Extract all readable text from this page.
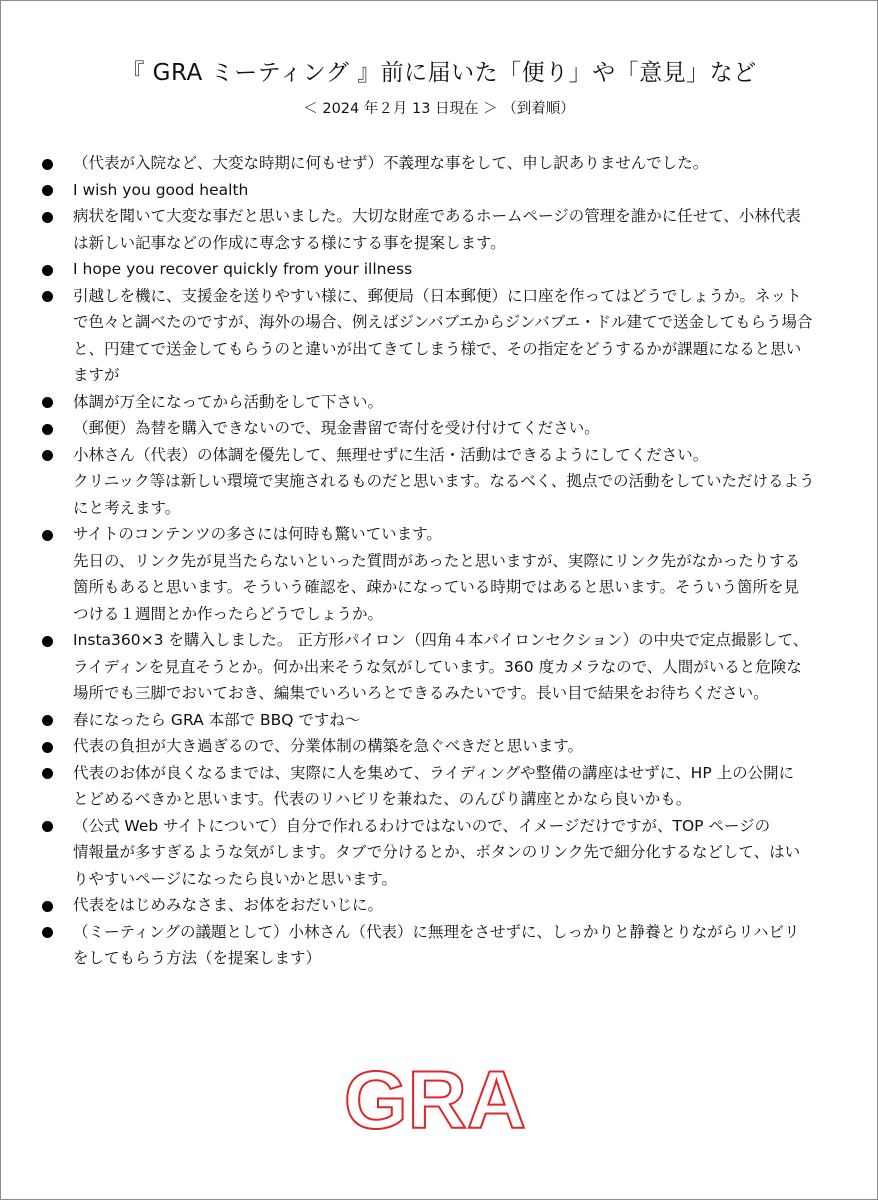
『 GRA ミーティング 』前に届いた「便り」や「意見」など

＜ 2024 年２月 13 日現在 ＞ （到着順）

（代表が入院など、大変な時期に何もせず）不義理な事をして、申し訳ありませんでした。
I wish you good health
病状を聞いて大変な事だと思いました。大切な財産であるホームページの管理を誰かに任せて、小林代表
は新しい記事などの作成に専念する様にする事を提案します。
I hope you recover quickly from your illness
引越しを機に、支援金を送りやすい様に、郵便局（日本郵便）に口座を作ってはどうでしょうか。ネット
で色々と調べたのですが、海外の場合、例えばジンバブエからジンバブエ・ドル建てで送金してもらう場合
と、円建てで送金してもらうのと違いが出てきてしまう様で、その指定をどうするかが課題になると思い
ますが
体調が万全になってから活動をして下さい。
（郵便）為替を購入できないので、現金書留で寄付を受け付けてください。
小林さん（代表）の体調を優先して、無理せずに生活・活動はできるようにしてください。
クリニック等は新しい環境で実施されるものだと思います。なるべく、拠点での活動をしていただけるよう
にと考えます。
サイトのコンテンツの多さには何時も驚いています。
先日の、リンク先が見当たらないといった質問があったと思いますが、実際にリンク先がなかったりする
箇所もあると思います。そういう確認を、疎かになっている時期ではあると思います。そういう箇所を見
つける１週間とか作ったらどうでしょうか。
Insta360×3 を購入しました。 正方形パイロン（四角４本パイロンセクション）の中央で定点撮影して、
ライディンを見直そうとか。何か出来そうな気がしています。360 度カメラなので、人間がいると危険な
場所でも三脚でおいておき、編集でいろいろとできるみたいです。長い目で結果をお待ちください。
春になったら GRA 本部で BBQ ですね～
代表の負担が大き過ぎるので、分業体制の構築を急ぐべきだと思います。
代表のお体が良くなるまでは、実際に人を集めて、ライディングや整備の講座はせずに、HP 上の公開に
とどめるべきかと思います。代表のリハビリを兼ねた、のんびり講座とかなら良いかも。
（公式 Web サイトについて）自分で作れるわけではないので、イメージだけですが、TOP ページの
情報量が多すぎるような気がします。タブで分けるとか、ボタンのリンク先で細分化するなどして、はい
りやすいページになったら良いかと思います。
代表をはじめみなさま、お体をおだいじに。
（ミーティングの議題として）小林さん（代表）に無理をさせずに、しっかりと静養とりながらリハビリ
をしてもらう方法（を提案します）
GRA
